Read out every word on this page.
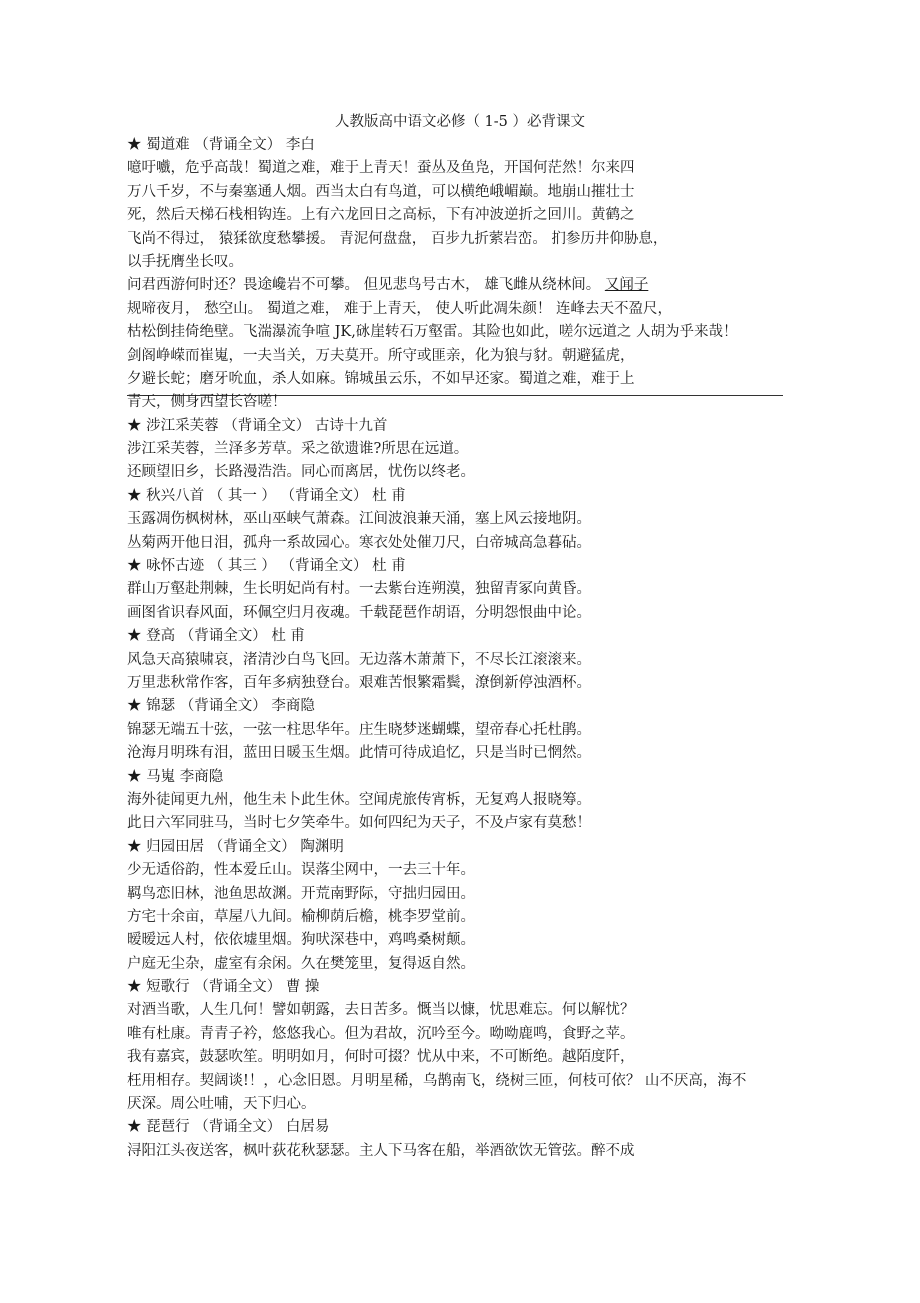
人教版高中语文必修（ 1-5 ）必背课文
★ 蜀道难 （背诵全文） 李白
噫吁嚱，危乎高哉！蜀道之难，难于上青天！蚕丛及鱼凫，开国何茫然！尔来四
万八千岁，不与秦塞通人烟。西当太白有鸟道，可以横绝峨嵋巅。地崩山摧壮士
死，然后天梯石栈相钩连。上有六龙回日之高标，下有冲波逆折之回川。黄鹤之
飞尚不得过， 猿猱欲度愁攀援。 青泥何盘盘， 百步九折萦岩峦。 扪参历井仰胁息，
以手抚膺坐长叹。
问君西游何时还？畏途巉岩不可攀。 但见悲鸟号古木， 雄飞雌从绕林间。 又闻子
规啼夜月， 愁空山。 蜀道之难， 难于上青天， 使人听此凋朱颜！ 连峰去天不盈尺，
枯松倒挂倚绝壁。飞湍瀑流争喧 JK,砯崖转石万壑雷。其险也如此，嗟尔远道之 人胡为乎来哉！
剑阁峥嵘而崔嵬，一夫当关，万夫莫开。所守或匪亲，化为狼与豺。朝避猛虎，
夕避长蛇；磨牙吮血，杀人如麻。锦城虽云乐，不如早还家。蜀道之难，难于上
青天，侧身西望长咨嗟！
★ 涉江采芙蓉 （背诵全文） 古诗十九首
涉江采芙蓉，兰泽多芳草。采之欲遗谁?所思在远道。
还顾望旧乡，长路漫浩浩。同心而离居，忧伤以终老。
★ 秋兴八首 （ 其一 ） （背诵全文） 杜 甫
玉露凋伤枫树林，巫山巫峡气萧森。江间波浪兼天涌，塞上风云接地阴。
丛菊两开他日泪，孤舟一系故园心。寒衣处处催刀尺，白帝城高急暮砧。
★ 咏怀古迹 （ 其三 ） （背诵全文） 杜 甫
群山万壑赴荆棘，生长明妃尚有村。一去紫台连朔漠，独留青冢向黄昏。
画图省识春风面，环佩空归月夜魂。千载琵琶作胡语，分明怨恨曲中论。
★ 登高 （背诵全文） 杜 甫
风急天高猿啸哀，渚清沙白鸟飞回。无边落木萧萧下，不尽长江滚滚来。
万里悲秋常作客，百年多病独登台。艰难苦恨繁霜鬓，潦倒新停浊酒杯。
★ 锦瑟 （背诵全文） 李商隐
锦瑟无端五十弦，一弦一柱思华年。庄生晓梦迷蝴蝶，望帝春心托杜鹃。
沧海月明珠有泪，蓝田日暖玉生烟。此情可待成追忆，只是当时已惘然。
★ 马嵬 李商隐
海外徒闻更九州，他生未卜此生休。空闻虎旅传宵柝，无复鸡人报晓筹。
此日六军同驻马，当时七夕笑牵牛。如何四纪为天子，不及卢家有莫愁！
★ 归园田居 （背诵全文） 陶渊明
少无适俗韵，性本爱丘山。误落尘网中，一去三十年。
羁鸟恋旧林，池鱼思故渊。开荒南野际，守拙归园田。
方宅十余亩，草屋八九间。榆柳荫后檐，桃李罗堂前。
暧暧远人村，依依墟里烟。狗吠深巷中，鸡鸣桑树颠。
户庭无尘杂，虚室有余闲。久在樊笼里，复得返自然。
★ 短歌行 （背诵全文） 曹 操
对酒当歌，人生几何！譬如朝露，去日苦多。慨当以慷，忧思难忘。何以解忧？
唯有杜康。青青子衿，悠悠我心。但为君故，沉吟至今。呦呦鹿鸣，食野之苹。
我有嘉宾，鼓瑟吹笙。明明如月，何时可掇？忧从中来，不可断绝。越陌度阡，
枉用相存。契阔谈!！，心念旧恩。月明星稀，乌鹊南飞，绕树三匝，何枝可依？ 山不厌高，海不
厌深。周公吐哺，天下归心。
★ 琵琶行 （背诵全文） 白居易
浔阳江头夜送客，枫叶荻花秋瑟瑟。主人下马客在船，举酒欲饮无管弦。醉不成
